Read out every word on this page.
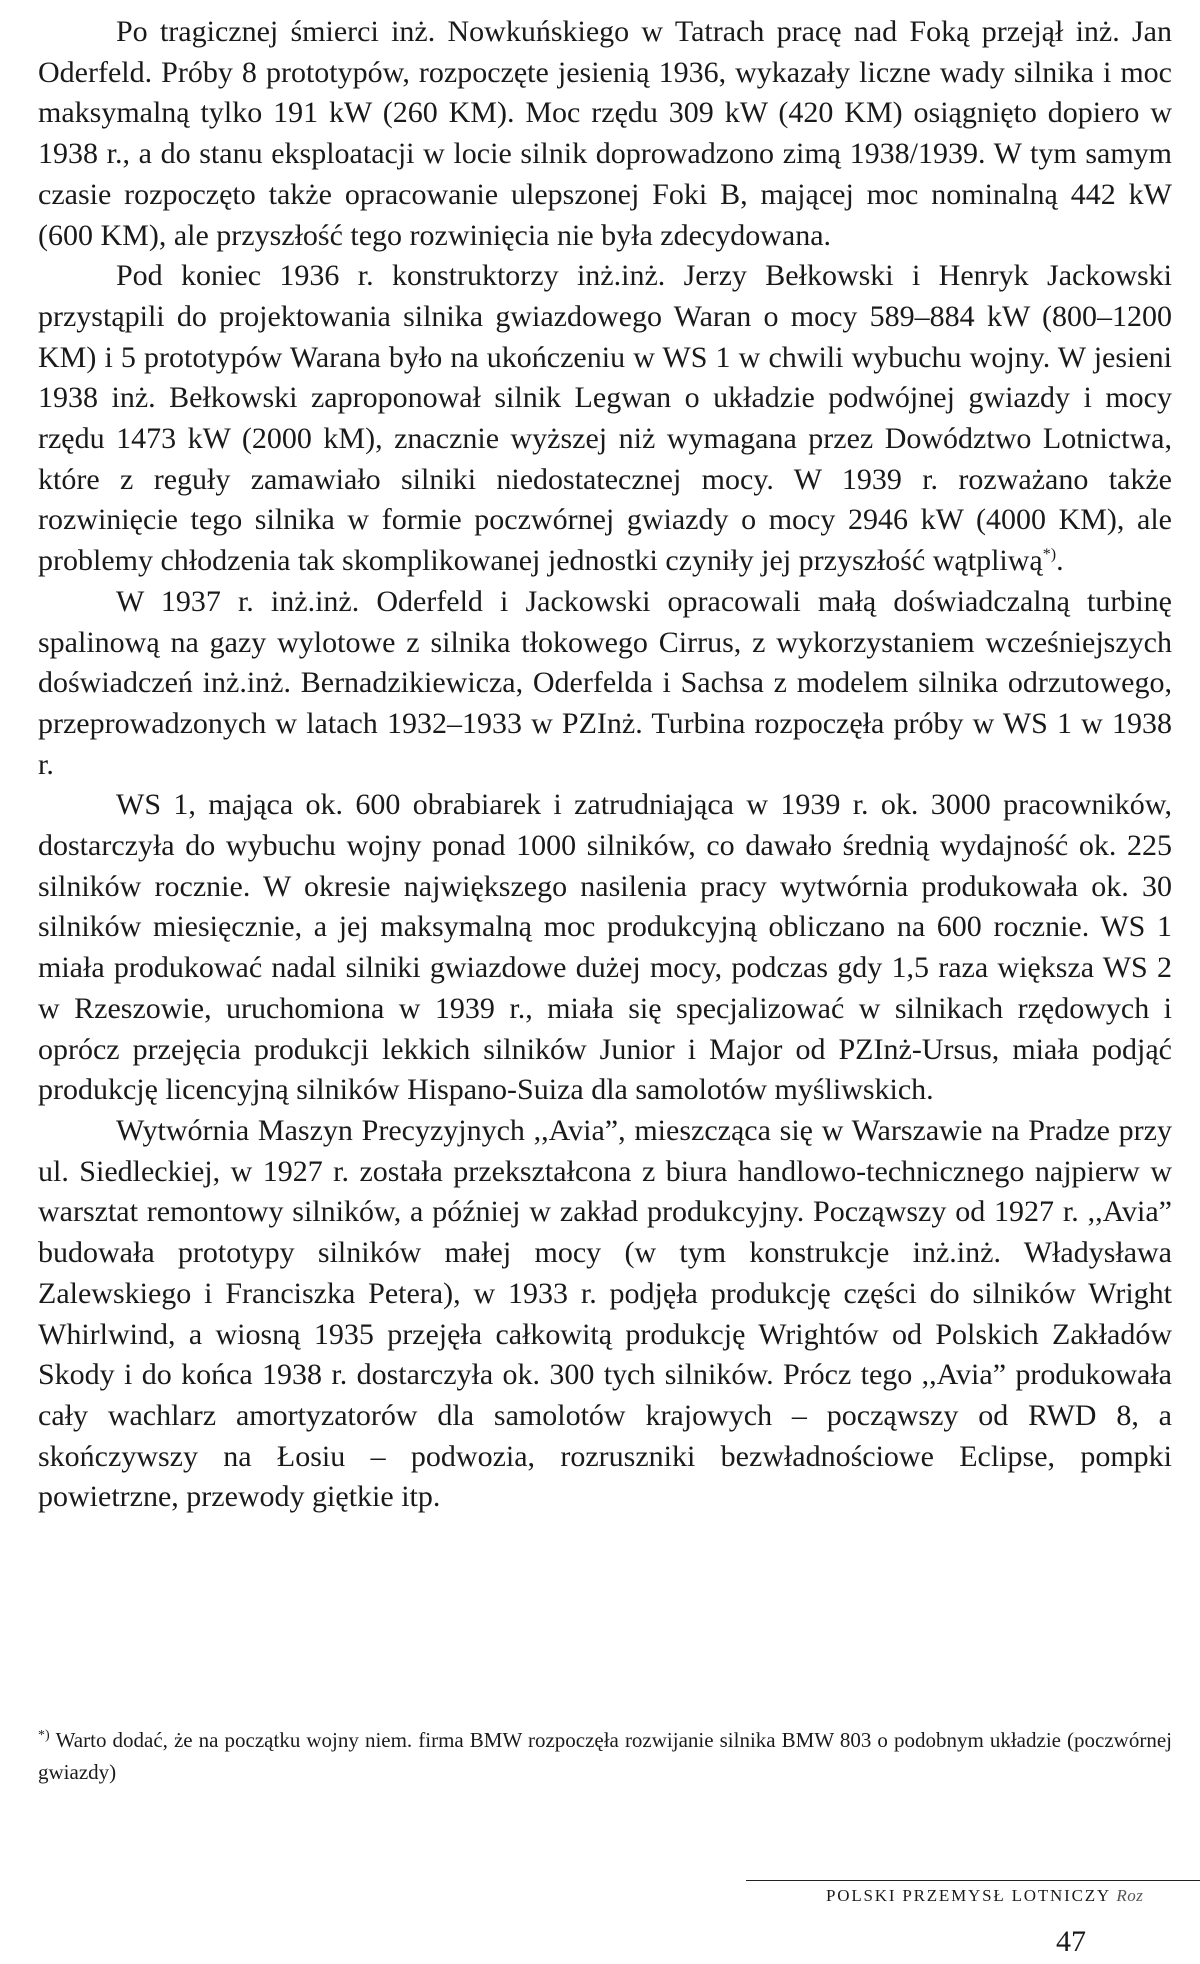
Po tragicznej śmierci inż. Nowkuńskiego w Tatrach pracę nad Foką przejął inż. Jan Oderfeld. Próby 8 prototypów, rozpoczęte jesienią 1936, wykazały liczne wady silnika i moc maksymalną tylko 191 kW (260 KM). Moc rzędu 309 kW (420 KM) osiągnięto dopiero w 1938 r., a do stanu eksploatacji w locie silnik doprowadzono zimą 1938/1939. W tym samym czasie rozpoczęto także opracowanie ulepszonej Foki B, mającej moc nominalną 442 kW (600 KM), ale przyszłość tego rozwinięcia nie była zdecydowana.

Pod koniec 1936 r. konstruktorzy inż.inż. Jerzy Bełkowski i Henryk Jackowski przystąpili do projektowania silnika gwiazdowego Waran o mocy 589–884 kW (800–1200 KM) i 5 prototypów Warana było na ukończeniu w WS 1 w chwili wybuchu wojny. W jesieni 1938 inż. Bełkowski zaproponował silnik Legwan o układzie podwójnej gwiazdy i mocy rzędu 1473 kW (2000 kM), znacznie wyższej niż wymagana przez Dowództwo Lotnictwa, które z reguły zamawiało silniki niedostatecznej mocy. W 1939 r. rozważano także rozwinięcie tego silnika w formie poczwórnej gwiazdy o mocy 2946 kW (4000 KM), ale problemy chłodzenia tak skomplikowanej jednostki czyniły jej przyszłość wątpliwą*).

W 1937 r. inż.inż. Oderfeld i Jackowski opracowali małą doświadczalną turbinę spalinową na gazy wylotowe z silnika tłokowego Cirrus, z wykorzystaniem wcześniejszych doświadczeń inż.inż. Bernadzikiewicza, Oderfelda i Sachsa z modelem silnika odrzutowego, przeprowadzonych w latach 1932–1933 w PZInż. Turbina rozpoczęła próby w WS 1 w 1938 r.

WS 1, mająca ok. 600 obrabiarek i zatrudniająca w 1939 r. ok. 3000 pracowników, dostarczyła do wybuchu wojny ponad 1000 silników, co dawało średnią wydajność ok. 225 silników rocznie. W okresie największego nasilenia pracy wytwórnia produkowała ok. 30 silników miesięcznie, a jej maksymalną moc produkcyjną obliczano na 600 rocznie. WS 1 miała produkować nadal silniki gwiazdowe dużej mocy, podczas gdy 1,5 raza większa WS 2 w Rzeszowie, uruchomiona w 1939 r., miała się specjalizować w silnikach rzędowych i oprócz przejęcia produkcji lekkich silników Junior i Major od PZInż-Ursus, miała podjąć produkcję licencyjną silników Hispano-Suiza dla samolotów myśliwskich.

Wytwórnia Maszyn Precyzyjnych ,,Avia”, mieszcząca się w Warszawie na Pradze przy ul. Siedleckiej, w 1927 r. została przekształcona z biura handlowo-technicznego najpierw w warsztat remontowy silników, a później w zakład produkcyjny. Począwszy od 1927 r. ,,Avia” budowała prototypy silników małej mocy (w tym konstrukcje inż.inż. Władysława Zalewskiego i Franciszka Petera), w 1933 r. podjęła produkcję części do silników Wright Whirlwind, a wiosną 1935 przejęła całkowitą produkcję Wrightów od Polskich Zakładów Skody i do końca 1938 r. dostarczyła ok. 300 tych silników. Prócz tego ,,Avia” produkowała cały wachlarz amortyzatorów dla samolotów krajowych – począwszy od RWD 8, a skończywszy na Łosiu – podwozia, rozruszniki bezwładnościowe Eclipse, pompki powietrzne, przewody giętkie itp.

*) Warto dodać, że na początku wojny niem. firma BMW rozpoczęła rozwijanie silnika BMW 803 o podobnym układzie (poczwórnej gwiazdy)
POLSKI PRZEMYSŁ LOTNICZY Roz
47
